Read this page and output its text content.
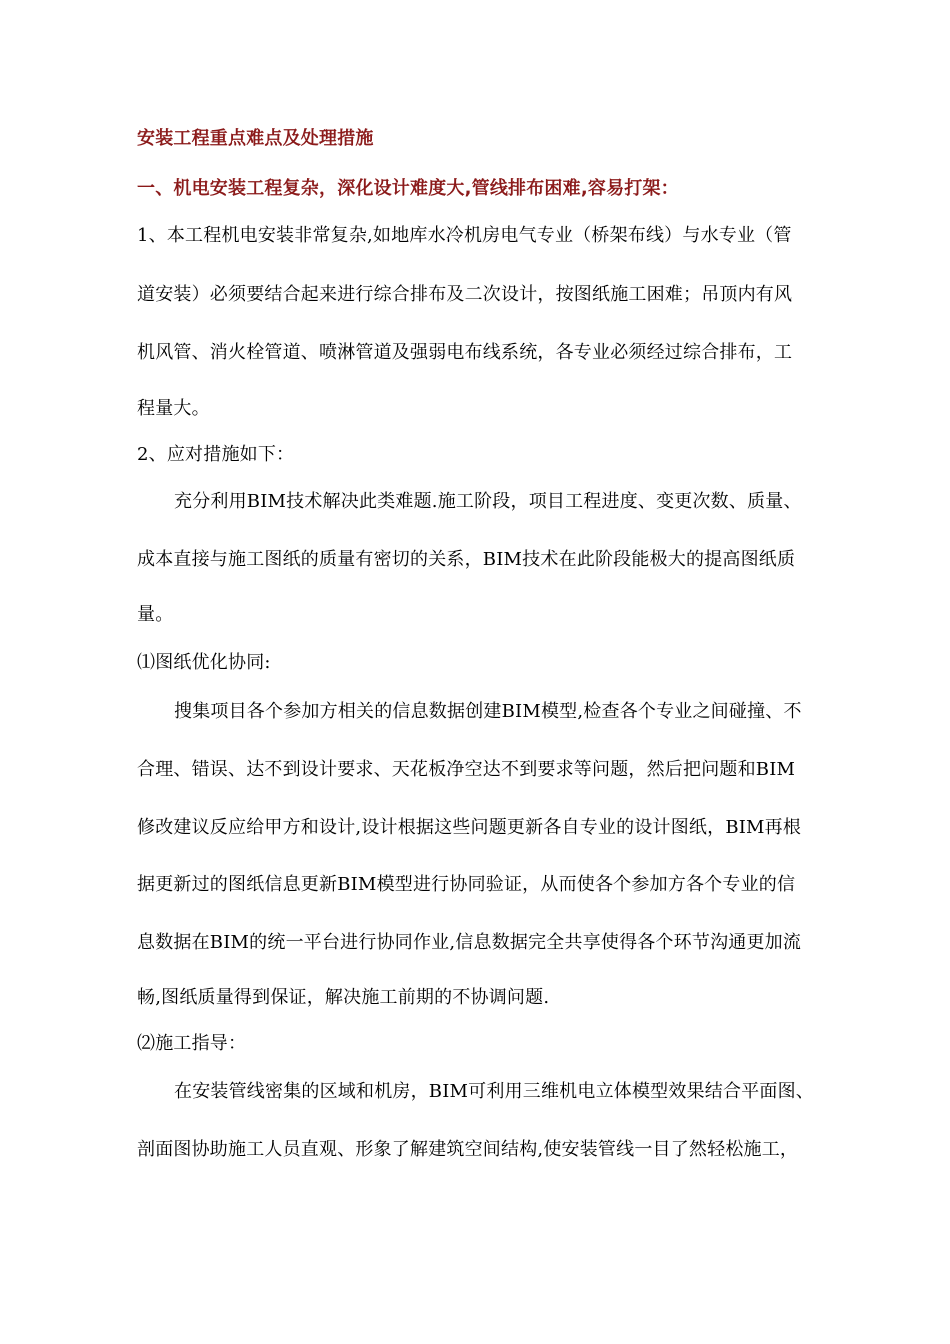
安装工程重点难点及处理措施
一、机电安装工程复杂，深化设计难度大,管线排布困难,容易打架：
1、本工程机电安装非常复杂,如地库水冷机房电气专业（桥架布线）与水专业（管
道安装）必须要结合起来进行综合排布及二次设计，按图纸施工困难；吊顶内有风
机风管、消火栓管道、喷淋管道及强弱电布线系统，各专业必须经过综合排布，工
程量大。
2、应对措施如下：
充分利用BIM技术解决此类难题.施工阶段，项目工程进度、变更次数、质量、
成本直接与施工图纸的质量有密切的关系，BIM技术在此阶段能极大的提高图纸质
量。
⑴图纸优化协同:
搜集项目各个参加方相关的信息数据创建BIM模型,检查各个专业之间碰撞、不
合理、错误、达不到设计要求、天花板净空达不到要求等问题，然后把问题和BIM
修改建议反应给甲方和设计,设计根据这些问题更新各自专业的设计图纸，BIM再根
据更新过的图纸信息更新BIM模型进行协同验证，从而使各个参加方各个专业的信
息数据在BIM的统一平台进行协同作业,信息数据完全共享使得各个环节沟通更加流
畅,图纸质量得到保证，解决施工前期的不协调问题.
⑵施工指导：
在安装管线密集的区域和机房，BIM可利用三维机电立体模型效果结合平面图、
剖面图协助施工人员直观、形象了解建筑空间结构,使安装管线一目了然轻松施工，
